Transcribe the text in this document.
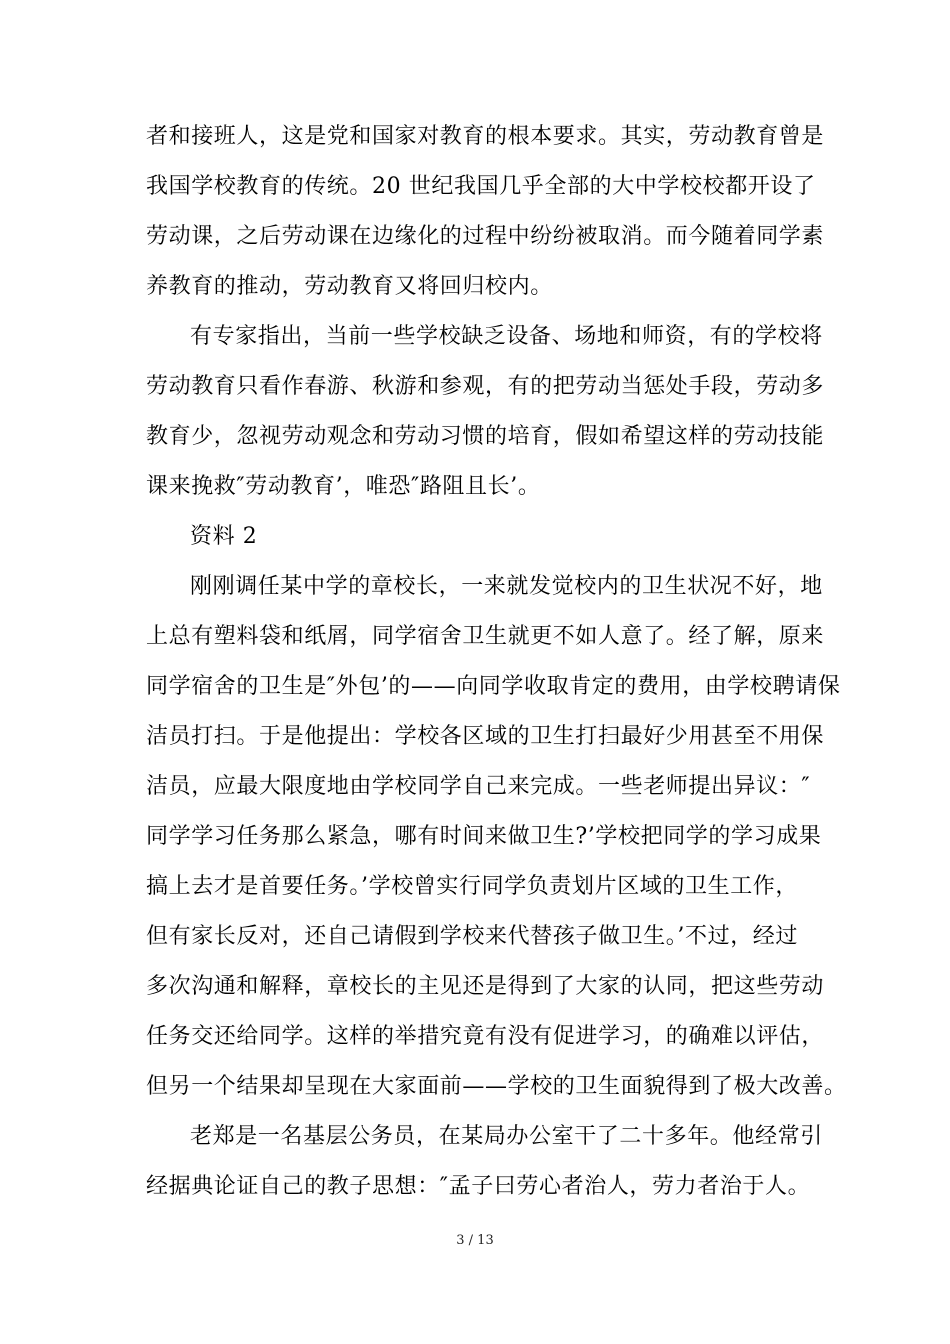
者和接班人，这是党和国家对教育的根本要求。其实，劳动教育曾是
我国学校教育的传统。20 世纪我国几乎全部的大中学校校都开设了
劳动课，之后劳动课在边缘化的过程中纷纷被取消。而今随着同学素
养教育的推动，劳动教育又将回归校内。
有专家指出，当前一些学校缺乏设备、场地和师资，有的学校将
劳动教育只看作春游、秋游和参观，有的把劳动当惩处手段，劳动多
教育少，忽视劳动观念和劳动习惯的培育，假如希望这样的劳动技能
课来挽救″劳动教育’，唯恐″路阻且长’。
资料 2
刚刚调任某中学的章校长，一来就发觉校内的卫生状况不好，地
上总有塑料袋和纸屑，同学宿舍卫生就更不如人意了。经了解，原来
同学宿舍的卫生是″外包’的——向同学收取肯定的费用，由学校聘请保
洁员打扫。于是他提出：学校各区域的卫生打扫最好少用甚至不用保
洁员，应最大限度地由学校同学自己来完成。一些老师提出异议：″
同学学习任务那么紧急，哪有时间来做卫生?’学校把同学的学习成果
搞上去才是首要任务。’学校曾实行同学负责划片区域的卫生工作，
但有家长反对，还自己请假到学校来代替孩子做卫生。’不过，经过
多次沟通和解释，章校长的主见还是得到了大家的认同，把这些劳动
任务交还给同学。这样的举措究竟有没有促进学习，的确难以评估，
但另一个结果却呈现在大家面前——学校的卫生面貌得到了极大改善。
老郑是一名基层公务员，在某局办公室干了二十多年。他经常引
经据典论证自己的教子思想：″孟子曰劳心者治人，劳力者治于人。
3 / 13
